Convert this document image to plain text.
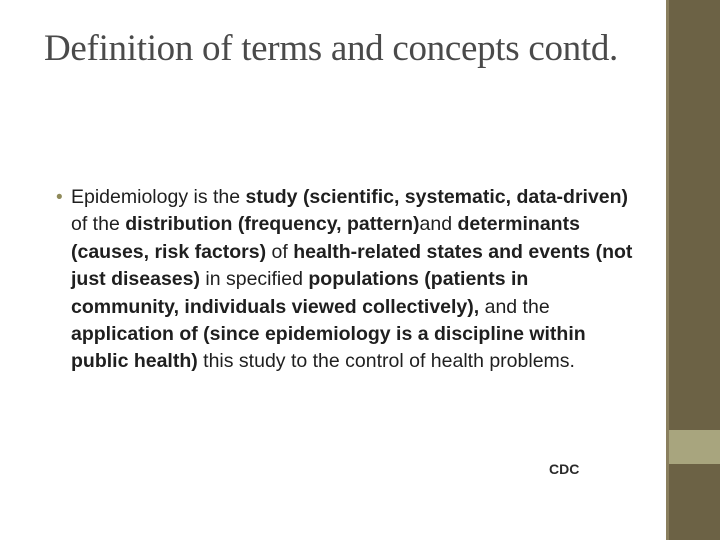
Definition of terms and concepts contd.
• Epidemiology is the study (scientific, systematic, data-driven) of the distribution (frequency, pattern)and determinants (causes, risk factors) of health-related states and events (not just diseases) in specified populations (patients in community, individuals viewed collectively), and the application of (since epidemiology is a discipline within public health) this study to the control of health problems.
CDC
